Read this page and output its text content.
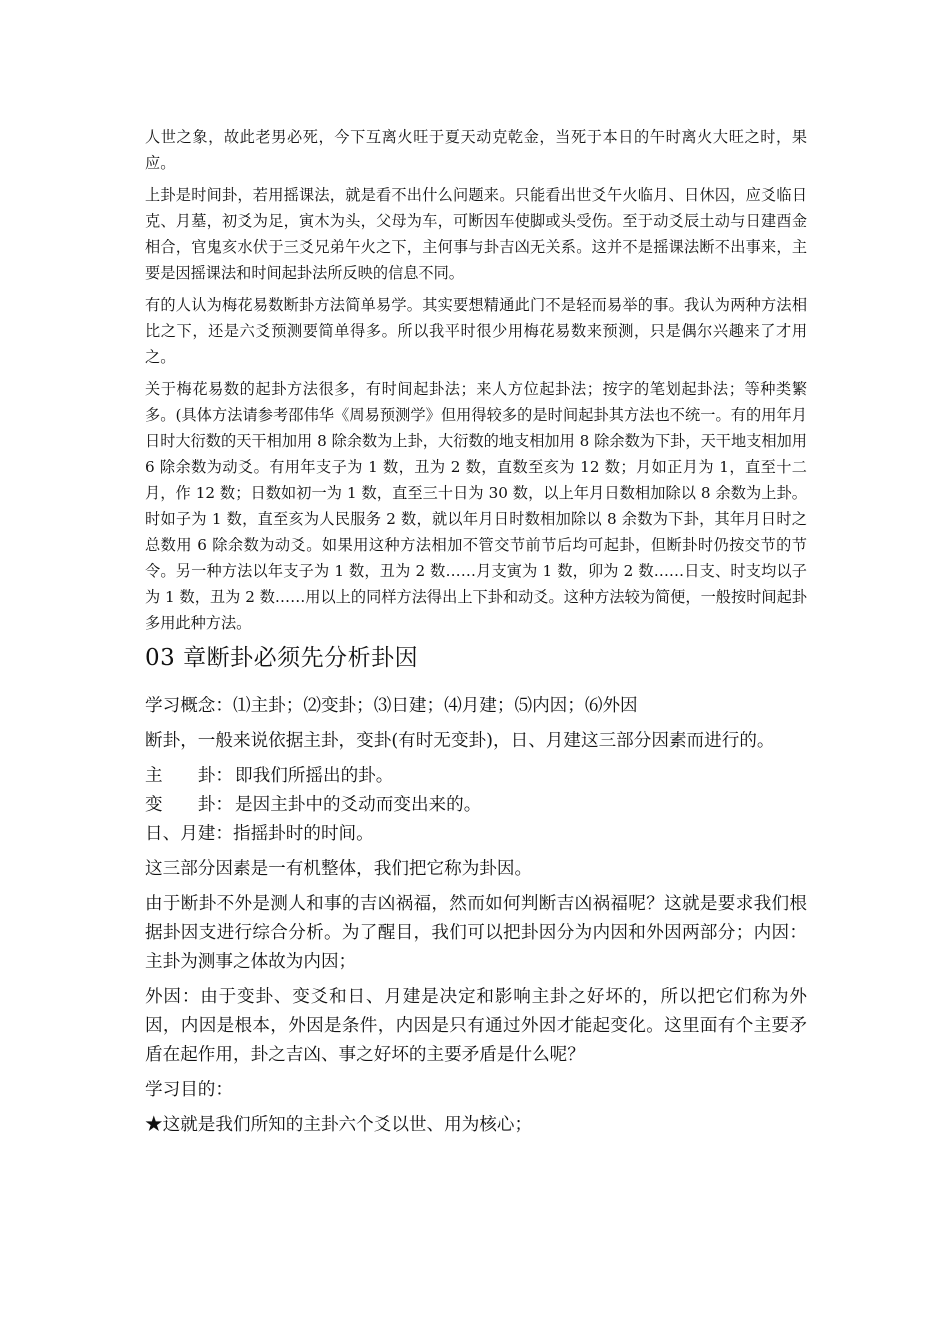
人世之象，故此老男必死，今下互离火旺于夏天动克乾金，当死于本日的午时离火大旺之时，果应。

上卦是时间卦，若用摇课法，就是看不出什么问题来。只能看出世爻午火临月、日休囚，应爻临日克、月墓，初爻为足，寅木为头，父母为车，可断因车使脚或头受伤。至于动爻辰土动与日建酉金相合，官鬼亥水伏于三爻兄弟午火之下，主何事与卦吉凶无关系。这并不是摇课法断不出事来，主要是因摇课法和时间起卦法所反映的信息不同。

有的人认为梅花易数断卦方法简单易学。其实要想精通此门不是轻而易举的事。我认为两种方法相比之下，还是六爻预测要简单得多。所以我平时很少用梅花易数来预测，只是偶尔兴趣来了才用之。

关于梅花易数的起卦方法很多，有时间起卦法；来人方位起卦法；按字的笔划起卦法；等种类繁多。(具体方法请参考邵伟华《周易预测学》但用得较多的是时间起卦其方法也不统一。有的用年月日时大衍数的天干相加用 8 除余数为上卦，大衍数的地支相加用 8 除余数为下卦，天干地支相加用 6 除余数为动爻。有用年支子为 1 数，丑为 2 数，直数至亥为 12 数；月如正月为 1，直至十二月，作 12 数；日数如初一为 1 数，直至三十日为 30 数，以上年月日数相加除以 8 余数为上卦。时如子为 1 数，直至亥为人民服务 2 数，就以年月日时数相加除以 8 余数为下卦，其年月日时之总数用 6 除余数为动爻。如果用这种方法相加不管交节前节后均可起卦，但断卦时仍按交节的节令。另一种方法以年支子为 1 数，丑为 2 数……月支寅为 1 数，卯为 2 数……日支、时支均以子为 1 数，丑为 2 数……用以上的同样方法得出上下卦和动爻。这种方法较为简便，一般按时间起卦多用此种方法。

03 章断卦必须先分析卦因

学习概念：⑴主卦；⑵变卦；⑶日建；⑷月建；⑸内因；⑹外因

断卦，一般来说依据主卦，变卦(有时无变卦)，日、月建这三部分因素而进行的。

主　　卦： 即我们所摇出的卦。
变　　卦： 是因主卦中的爻动而变出来的。
日、月建： 指摇卦时的时间。

这三部分因素是一有机整体，我们把它称为卦因。

由于断卦不外是测人和事的吉凶祸福，然而如何判断吉凶祸福呢？这就是要求我们根据卦因支进行综合分析。为了醒目，我们可以把卦因分为内因和外因两部分；内因：主卦为测事之体故为内因；

外因：由于变卦、变爻和日、月建是决定和影响主卦之好坏的，所以把它们称为外因，内因是根本，外因是条件，内因是只有通过外因才能起变化。这里面有个主要矛盾在起作用，卦之吉凶、事之好坏的主要矛盾是什么呢？

学习目的：

★这就是我们所知的主卦六个爻以世、用为核心；
